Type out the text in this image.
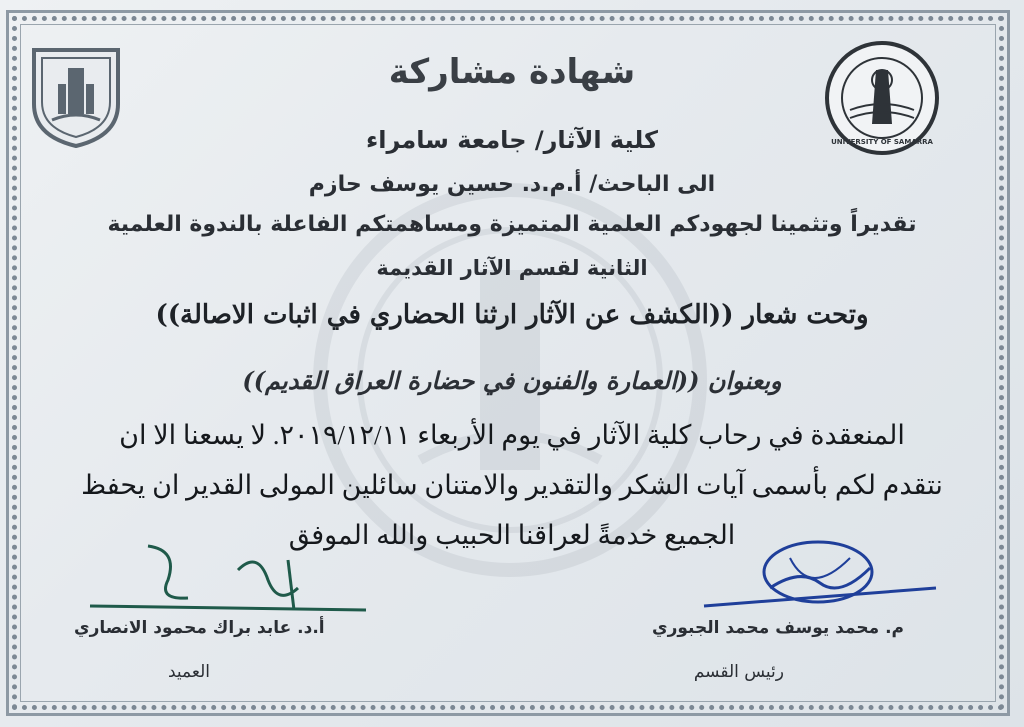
UNIVERSITY OF SAMARRA
شهادة مشاركة
كلية الآثار/ جامعة سامراء
الى الباحث/ أ.م.د. حسين يوسف حازم
تقديراً وتثمينا لجهودكم العلمية المتميزة ومساهمتكم الفاعلة بالندوة العلمية
الثانية لقسم الآثار القديمة
وتحت شعار ((الكشف عن الآثار ارثنا الحضاري في اثبات الاصالة))
وبعنوان ((العمارة والفنون في حضارة العراق القديم))
المنعقدة في رحاب كلية الآثار في يوم الأربعاء ٢٠١٩/١٢/١١. لا يسعنا الا ان
نتقدم لكم بأسمى آيات الشكر والتقدير والامتنان سائلين المولى القدير ان يحفظ
الجميع خدمةً لعراقنا الحبيب والله الموفق
م. محمد يوسف محمد الجبوري
رئيس القسم
أ.د. عابد براك محمود الانصاري
العميد
